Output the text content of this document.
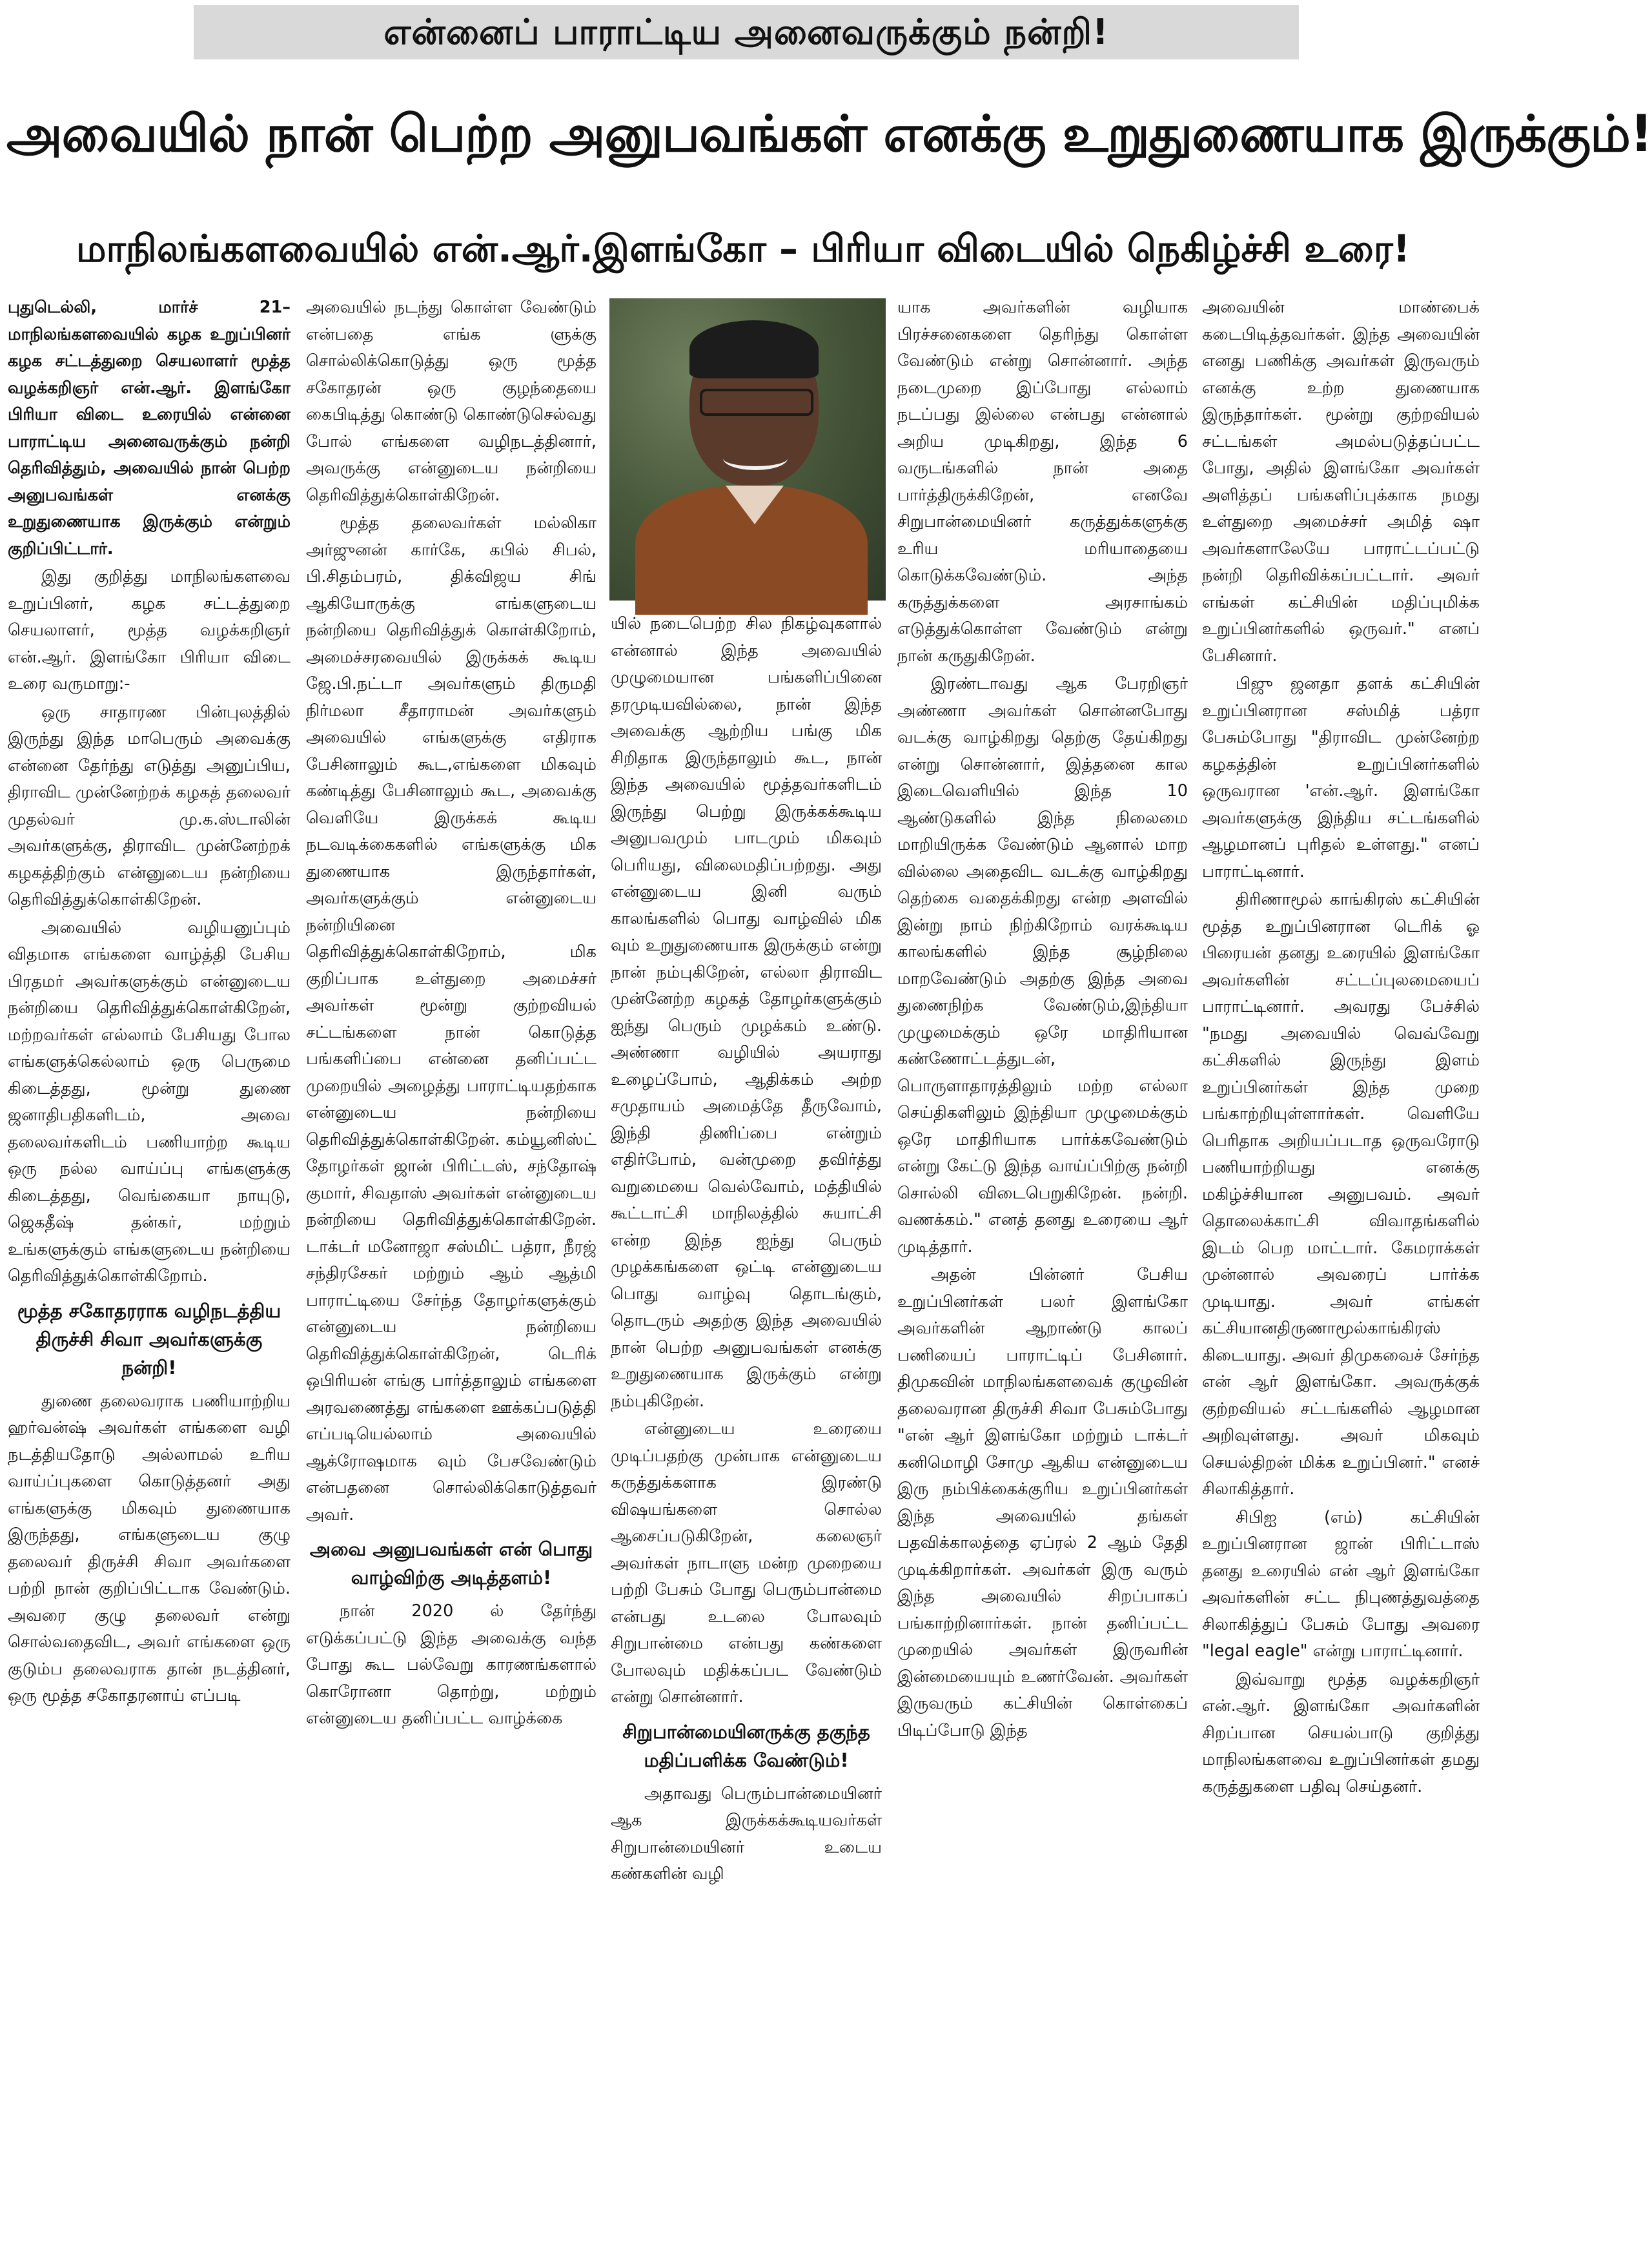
என்னைப் பாராட்டிய அனைவருக்கும் நன்றி!
அவையில் நான் பெற்ற அனுபவங்கள் எனக்கு உறுதுணையாக இருக்கும்!
மாநிலங்களவையில் என்.ஆர்.இளங்கோ – பிரியா விடையில் நெகிழ்ச்சி உரை!

புதுடெல்லி, மார்ச் 21– மாநிலங்களவையில் கழக உறுப்பினர் கழக சட்டத்துறை செயலாளர் மூத்த வழக்கறிஞர் என்.ஆர். இளங்கோ பிரியா விடை உரையில் என்னை பாராட்டிய அனைவருக்கும் நன்றி தெரிவித்தும், அவையில் நான் பெற்ற அனுபவங்கள் எனக்கு உறுதுணையாக இருக்கும் என்றும் குறிப்பிட்டார்.

இது குறித்து மாநிலங்களவை உறுப்பினர், கழக சட்டத்துறை செயலாளர், மூத்த வழக்கறிஞர் என்.ஆர். இளங்கோ பிரியா விடை உரை வருமாறு:-

ஒரு சாதாரண பின்புலத்தில் இருந்து இந்த மாபெரும் அவைக்கு என்னை தேர்ந்து எடுத்து அனுப்பிய, திராவிட முன்னேற்றக் கழகத் தலைவர் முதல்வர் மு.க.ஸ்டாலின் அவர்களுக்கு, திராவிட முன்னேற்றக் கழகத்திற்கும் என்னுடைய நன்றியை தெரிவித்துக்கொள்கிறேன்.

அவையில் வழியனுப்பும் விதமாக எங்களை வாழ்த்தி பேசிய பிரதமர் அவர்களுக்கும் என்னுடைய நன்றியை தெரிவித்துக்கொள்கிறேன், மற்றவர்கள் எல்லாம் பேசியது போல எங்களுக்கெல்லாம் ஒரு பெருமை கிடைத்தது, மூன்று துணை ஜனாதிபதிகளிடம், அவை தலைவர்களிடம் பணியாற்ற கூடிய ஒரு நல்ல வாய்ப்பு எங்களுக்கு கிடைத்தது, வெங்கையா நாயுடு, ஜெகதீஷ் தன்கர், மற்றும் உங்களுக்கும் எங்களுடைய நன்றியை தெரிவித்துக்கொள்கிறோம்.

மூத்த சகோதரராக வழிநடத்திய திருச்சி சிவா அவர்களுக்கு நன்றி!

துணை தலைவராக பணியாற்றிய ஹர்வன்ஷ் அவர்கள் எங்களை வழி நடத்தியதோடு அல்லாமல் உரிய வாய்ப்புகளை கொடுத்தனர் அது எங்களுக்கு மிகவும் துணையாக இருந்தது, எங்களுடைய குழு தலைவர் திருச்சி சிவா அவர்களை பற்றி நான் குறிப்பிட்டாக வேண்டும். அவரை குழு தலைவர் என்று சொல்வதைவிட, அவர் எங்களை ஒரு குடும்ப தலைவராக தான் நடத்தினர், ஒரு மூத்த சகோதரனாய் எப்படி

அவையில் நடந்து கொள்ள வேண்டும் என்பதை எங்க ளுக்கு சொல்லிக்கொடுத்து ஒரு மூத்த சகோதரன் ஒரு குழந்தையை கைபிடித்து கொண்டு கொண்டுசெல்வது போல் எங்களை வழிநடத்தினார், அவருக்கு என்னுடைய நன்றியை தெரிவித்துக்கொள்கிறேன்.

மூத்த தலைவர்கள் மல்லிகா அர்ஜுனன் கார்கே, கபில் சிபல், பி.சிதம்பரம், திக்விஜய சிங் ஆகியோருக்கு எங்களுடைய நன்றியை தெரிவித்துக் கொள்கிறோம், அமைச்சரவையில் இருக்கக் கூடிய ஜே.பி.நட்டா அவர்களும் திருமதி நிர்மலா சீதாராமன் அவர்களும் அவையில் எங்களுக்கு எதிராக பேசினாலும் கூட,எங்களை மிகவும் கண்டித்து பேசினாலும் கூட, அவைக்கு வெளியே இருக்கக் கூடிய நடவடிக்கைகளில் எங்களுக்கு மிக துணையாக இருந்தார்கள், அவர்களுக்கும் என்னுடைய நன்றியினை தெரிவித்துக்கொள்கிறோம், மிக குறிப்பாக உள்துறை அமைச்சர் அவர்கள் மூன்று குற்றவியல் சட்டங்களை நான் கொடுத்த பங்களிப்பை என்னை தனிப்பட்ட முறையில் அழைத்து பாராட்டியதற்காக என்னுடைய நன்றியை தெரிவித்துக்கொள்கிறேன். கம்யூனிஸ்ட் தோழர்கள் ஜான் பிரிட்டஸ், சந்தோஷ் குமார், சிவதாஸ் அவர்கள் என்னுடைய நன்றியை தெரிவித்துக்கொள்கிறேன். டாக்டர் மனோஜா சஸ்மிட் பத்ரா, நீரஜ் சந்திரசேகர் மற்றும் ஆம் ஆத்மி பாராட்டியை சேர்ந்த தோழர்களுக்கும் என்னுடைய நன்றியை தெரிவித்துக்கொள்கிறேன், டெரிக் ஒபிரியன் எங்கு பார்த்தாலும் எங்களை அரவணைத்து எங்களை ஊக்கப்படுத்தி எப்படியெல்லாம் அவையில் ஆக்ரோஷமாக வும் பேசவேண்டும் என்பதனை சொல்லிக்கொடுத்தவர் அவர்.

அவை அனுபவங்கள் என் பொது வாழ்விற்கு அடித்தளம்!

நான் 2020 ல் தேர்ந்து எடுக்கப்பட்டு இந்த அவைக்கு வந்த போது கூட பல்வேறு காரணங்களால் கொரோனா தொற்று, மற்றும் என்னுடைய தனிப்பட்ட வாழ்க்கை

யில் நடைபெற்ற சில நிகழ்வுகளால் என்னால் இந்த அவையில் முழுமையான பங்களிப்பினை தரமுடியவில்லை, நான் இந்த அவைக்கு ஆற்றிய பங்கு மிக சிறிதாக இருந்தாலும் கூட, நான் இந்த அவையில் மூத்தவர்களிடம் இருந்து பெற்று இருக்கக்கூடிய அனுபவமும் பாடமும் மிகவும் பெரியது, விலைமதிப்பற்றது. அது என்னுடைய இனி வரும் காலங்களில் பொது வாழ்வில் மிக வும் உறுதுணையாக இருக்கும் என்று நான் நம்புகிறேன், எல்லா திராவிட முன்னேற்ற கழகத் தோழர்களுக்கும் ஐந்து பெரும் முழக்கம் உண்டு. அண்ணா வழியில் அயராது உழைப்போம், ஆதிக்கம் அற்ற சமுதாயம் அமைத்தே தீருவோம், இந்தி திணிப்பை என்றும் எதிர்போம், வன்முறை தவிர்த்து வறுமையை வெல்வோம், மத்தியில் கூட்டாட்சி மாநிலத்தில் சுயாட்சி என்ற இந்த ஐந்து பெரும் முழக்கங்களை ஒட்டி என்னுடைய பொது வாழ்வு தொடங்கும், தொடரும் அதற்கு இந்த அவையில் நான் பெற்ற அனுபவங்கள் எனக்கு உறுதுணையாக இருக்கும் என்று நம்புகிறேன்.

என்னுடைய உரையை முடிப்பதற்கு முன்பாக என்னுடைய கருத்துக்களாக இரண்டு விஷயங்களை சொல்ல ஆசைப்படுகிறேன், கலைஞர் அவர்கள் நாடாளு மன்ற முறையை பற்றி பேசும் போது பெரும்பான்மை என்பது உடலை போலவும் சிறுபான்மை என்பது கண்களை போலவும் மதிக்கப்பட வேண்டும் என்று சொன்னார்.

சிறுபான்மையினருக்கு தகுந்த மதிப்பளிக்க வேண்டும்!

அதாவது பெரும்பான்மையினர் ஆக இருக்கக்கூடியவர்கள் சிறுபான்மையினர் உடைய கண்களின் வழி

யாக அவர்களின் வழியாக பிரச்சனைகளை தெரிந்து கொள்ள வேண்டும் என்று சொன்னார். அந்த நடைமுறை இப்போது எல்லாம் நடப்பது இல்லை என்பது என்னால் அறிய முடிகிறது, இந்த 6 வருடங்களில் நான் அதை பார்த்திருக்கிறேன், எனவே சிறுபான்மையினர் கருத்துக்களுக்கு உரிய மரியாதையை கொடுக்கவேண்டும். அந்த கருத்துக்களை அரசாங்கம் எடுத்துக்கொள்ள வேண்டும் என்று நான் கருதுகிறேன்.

இரண்டாவது ஆக பேரறிஞர் அண்ணா அவர்கள் சொன்னபோது வடக்கு வாழ்கிறது தெற்கு தேய்கிறது என்று சொன்னார், இத்தனை கால இடைவெளியில் இந்த 10 ஆண்டுகளில் இந்த நிலைமை மாறியிருக்க வேண்டும் ஆனால் மாற வில்லை அதைவிட வடக்கு வாழ்கிறது தெற்கை வதைக்கிறது என்ற அளவில் இன்று நாம் நிற்கிறோம் வரக்கூடிய காலங்களில் இந்த சூழ்நிலை மாறவேண்டும் அதற்கு இந்த அவை துணைநிற்க வேண்டும்,இந்தியா முழுமைக்கும் ஒரே மாதிரியான கண்ணோட்டத்துடன், பொருளாதாரத்திலும் மற்ற எல்லா செய்திகளிலும் இந்தியா முழுமைக்கும் ஒரே மாதிரியாக பார்க்கவேண்டும் என்று கேட்டு இந்த வாய்ப்பிற்கு நன்றி சொல்லி விடைபெறுகிறேன். நன்றி. வணக்கம்." எனத் தனது உரையை ஆர் முடித்தார்.

அதன் பின்னர் பேசிய உறுப்பினர்கள் பலர் இளங்கோ அவர்களின் ஆறாண்டு காலப் பணியைப் பாராட்டிப் பேசினார். திமுகவின் மாநிலங்களவைக் குழுவின் தலைவரான திருச்சி சிவா பேசும்போது "என் ஆர் இளங்கோ மற்றும் டாக்டர் கனிமொழி சோமு ஆகிய என்னுடைய இரு நம்பிக்கைக்குரிய உறுப்பினர்கள் இந்த அவையில் தங்கள் பதவிக்காலத்தை ஏப்ரல் 2 ஆம் தேதி முடிக்கிறார்கள். அவர்கள் இரு வரும் இந்த அவையில் சிறப்பாகப் பங்காற்றினார்கள். நான் தனிப்பட்ட முறையில் அவர்கள் இருவரின் இன்மையையும் உணர்வேன். அவர்கள் இருவரும் கட்சியின் கொள்கைப் பிடிப்போடு இந்த

அவையின் மாண்பைக் கடைபிடித்தவர்கள். இந்த அவையின் எனது பணிக்கு அவர்கள் இருவரும் எனக்கு உற்ற துணையாக இருந்தார்கள். மூன்று குற்றவியல் சட்டங்கள் அமல்படுத்தப்பட்ட போது, அதில் இளங்கோ அவர்கள் அளித்தப் பங்களிப்புக்காக நமது உள்துறை அமைச்சர் அமித் ஷா அவர்களாலேயே பாராட்டப்பட்டு நன்றி தெரிவிக்கப்பட்டார். அவர் எங்கள் கட்சியின் மதிப்புமிக்க உறுப்பினர்களில் ஒருவர்." எனப் பேசினார்.

பிஜு ஜனதா தளக் கட்சியின் உறுப்பினரான சஸ்மித் பத்ரா பேசும்போது "திராவிட முன்னேற்ற கழகத்தின் உறுப்பினர்களில் ஒருவரான 'என்.ஆர். இளங்கோ அவர்களுக்கு இந்திய சட்டங்களில் ஆழமானப் புரிதல் உள்ளது." எனப் பாராட்டினார்.

திரிணாமூல் காங்கிரஸ் கட்சியின் மூத்த உறுப்பினரான டெரிக் ஓ பிரையன் தனது உரையில் இளங்கோ அவர்களின் சட்டப்புலமையைப் பாராட்டினார். அவரது பேச்சில் "நமது அவையில் வெவ்வேறு கட்சிகளில் இருந்து இளம் உறுப்பினர்கள் இந்த முறை பங்காற்றியுள்ளார்கள். வெளியே பெரிதாக அறியப்படாத ஒருவரோடு பணியாற்றியது எனக்கு மகிழ்ச்சியான அனுபவம். அவர் தொலைக்காட்சி விவாதங்களில் இடம் பெற மாட்டார். கேமராக்கள் முன்னால் அவரைப் பார்க்க முடியாது. அவர் எங்கள் கட்சியானதிருணாமூல்காங்கிரஸ் கிடையாது. அவர் திமுகவைச் சேர்ந்த என் ஆர் இளங்கோ. அவருக்குக் குற்றவியல் சட்டங்களில் ஆழமான அறிவுள்ளது. அவர் மிகவும் செயல்திறன் மிக்க உறுப்பினர்." எனச் சிலாகித்தார்.

சிபிஐ (எம்) கட்சியின் உறுப்பினரான ஜான் பிரிட்டாஸ் தனது உரையில் என் ஆர் இளங்கோ அவர்களின் சட்ட நிபுணத்துவத்தை சிலாகித்துப் பேசும் போது அவரை "legal eagle" என்று பாராட்டினார்.

இவ்வாறு மூத்த வழக்கறிஞர் என்.ஆர். இளங்கோ அவர்களின் சிறப்பான செயல்பாடு குறித்து மாநிலங்களவை உறுப்பினர்கள் தமது கருத்துகளை பதிவு செய்தனர்.
